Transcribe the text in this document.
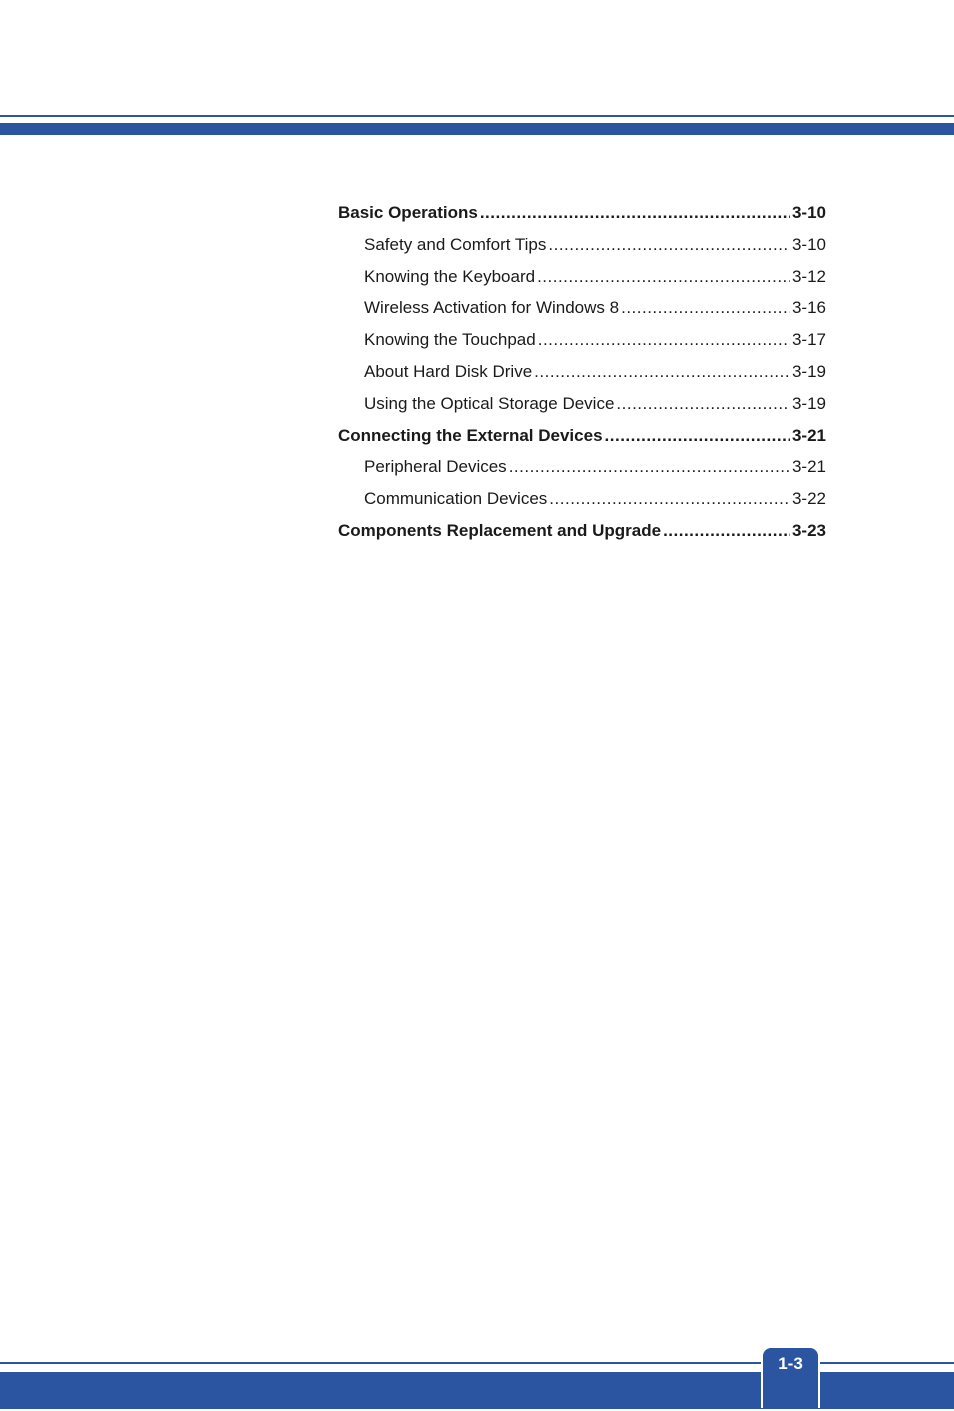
Basic Operations .....	3-10
Safety and Comfort Tips .....	3-10
Knowing the Keyboard .....	3-12
Wireless Activation for Windows 8 .....	3-16
Knowing the Touchpad .....	3-17
About Hard Disk Drive .....	3-19
Using the Optical Storage Device .....	3-19
Connecting the External Devices .....	3-21
Peripheral Devices .....	3-21
Communication Devices .....	3-22
Components Replacement and Upgrade .....	3-23
1-3
